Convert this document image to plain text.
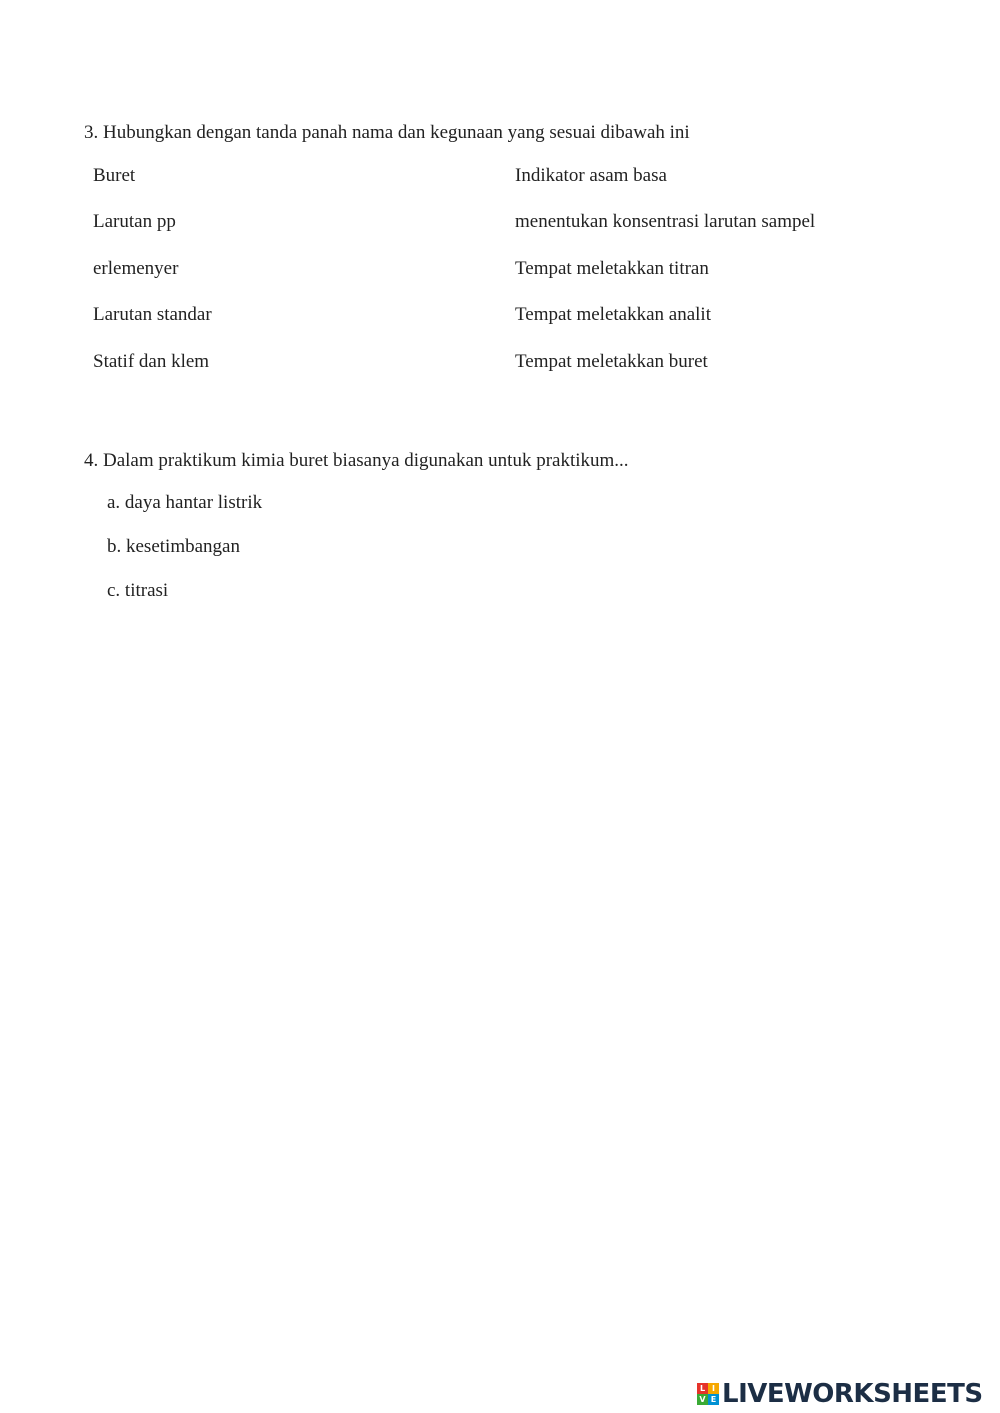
3. Hubungkan dengan tanda panah nama dan kegunaan yang sesuai dibawah ini
Buret
Larutan pp
erlemenyer
Larutan standar
Statif dan klem
Indikator asam basa
menentukan konsentrasi larutan sampel
Tempat meletakkan titran
Tempat meletakkan analit
Tempat meletakkan buret
4. Dalam praktikum kimia buret biasanya digunakan untuk praktikum...
a. daya hantar listrik
b. kesetimbangan
c. titrasi
L I
V E LIVEWORKSHEETS
